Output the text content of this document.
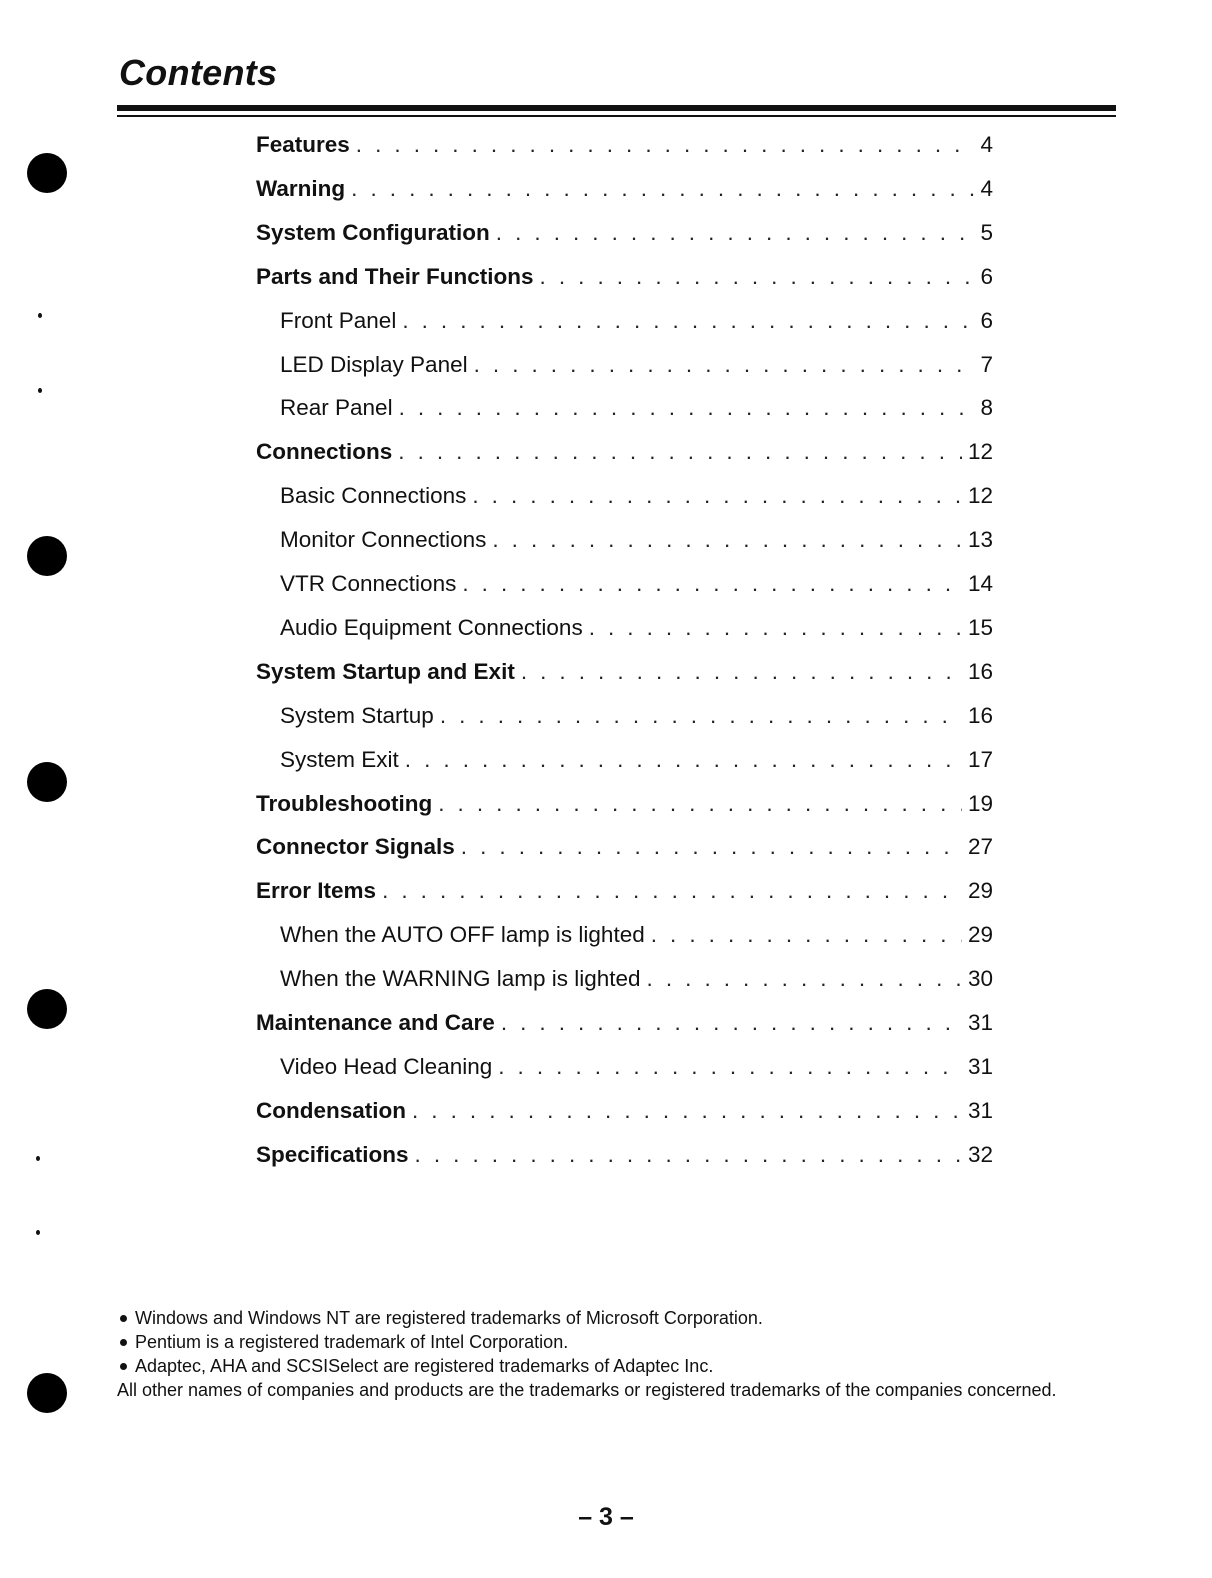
Contents
Features . . .	4
Warning . . .	4
System Configuration . . .	5
Parts and Their Functions . . .	6
Front Panel . . .	6
LED Display Panel . . .	7
Rear Panel . . .	8
Connections . . .	12
Basic Connections . . .	12
Monitor Connections . . .	13
VTR Connections . . .	14
Audio Equipment Connections . . .	15
System Startup and Exit . . .	16
System Startup . . .	16
System Exit . . .	17
Troubleshooting . . .	19
Connector Signals . . .	27
Error Items . . .	29
When the AUTO OFF lamp is lighted . . .	29
When the WARNING lamp is lighted . . .	30
Maintenance and Care . . .	31
Video Head Cleaning . . .	31
Condensation . . .	31
Specifications . . .	32
Windows and Windows NT are registered trademarks of Microsoft Corporation.
Pentium is a registered trademark of Intel Corporation.
Adaptec, AHA and SCSISelect are registered trademarks of Adaptec Inc.
All other names of companies and products are the trademarks or registered trademarks of the companies concerned.
– 3 –
